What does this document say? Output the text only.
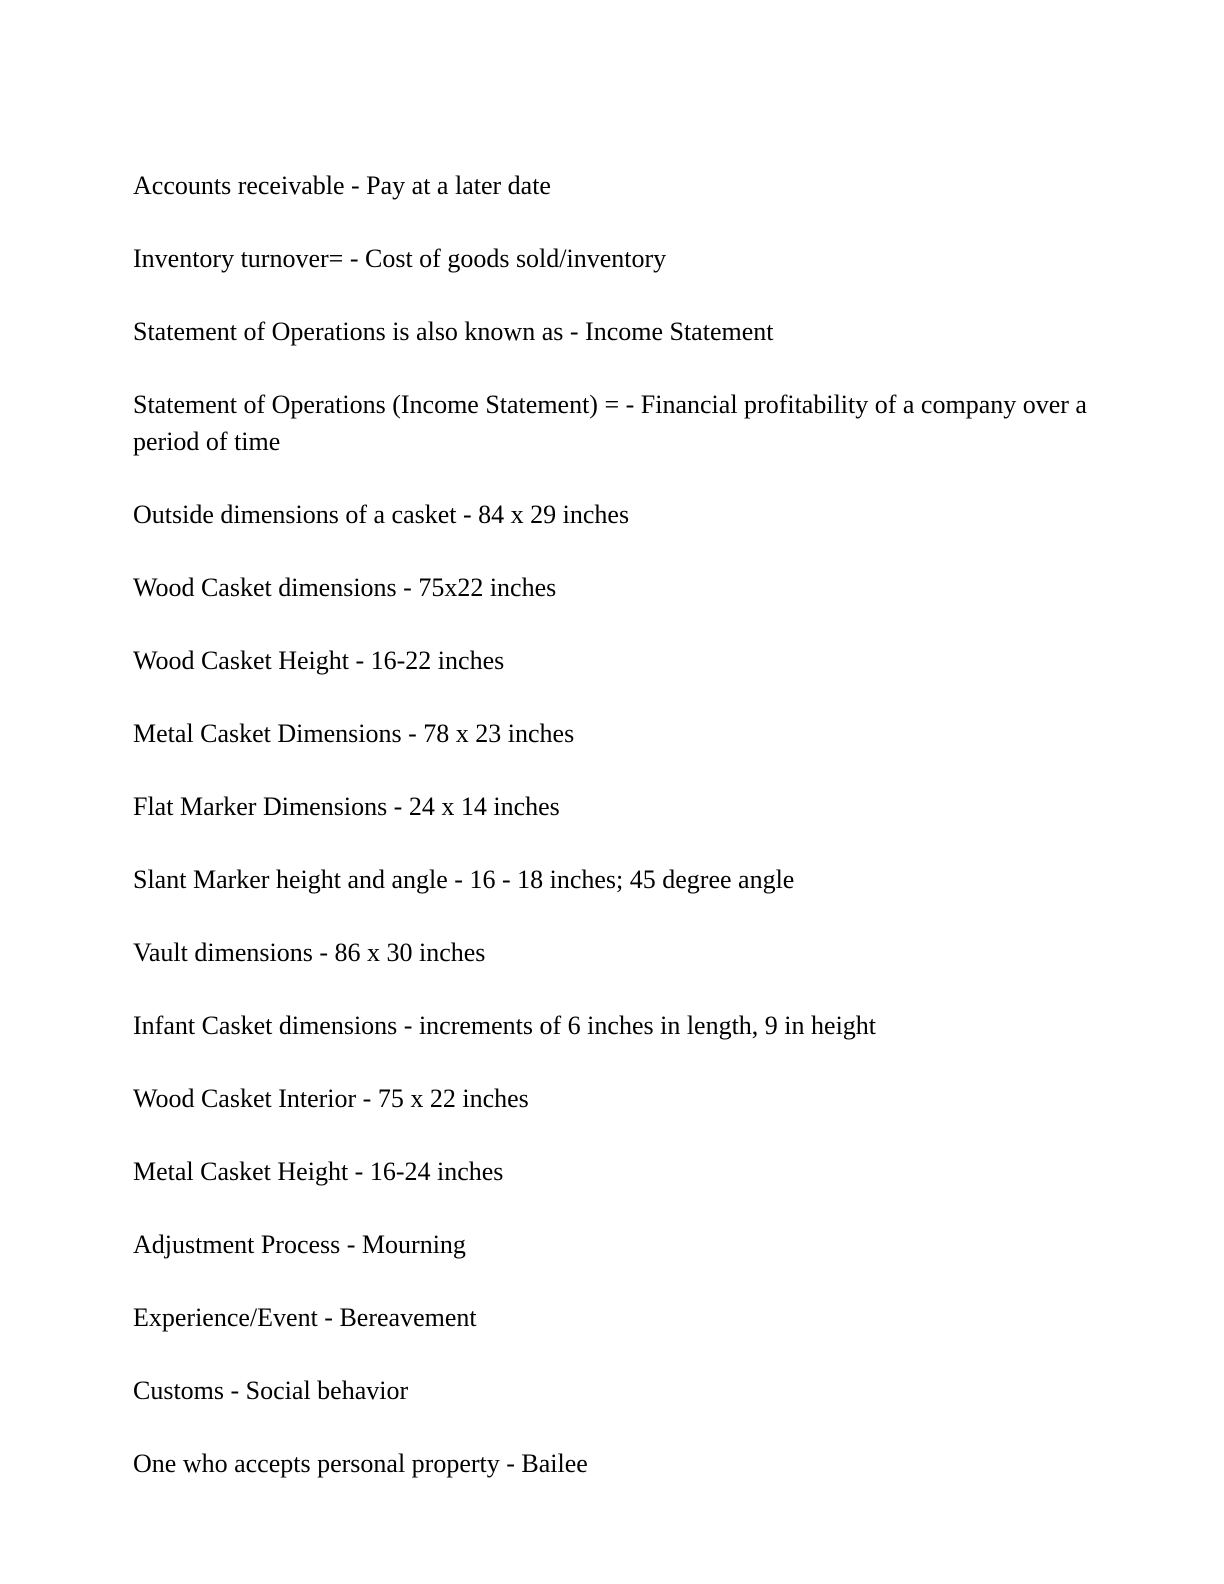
Accounts receivable - Pay at a later date
Inventory turnover= - Cost of goods sold/inventory
Statement of Operations is also known as - Income Statement
Statement of Operations (Income Statement) = - Financial profitability of a company over a period of time
Outside dimensions of a casket - 84 x 29 inches
Wood Casket dimensions - 75x22 inches
Wood Casket Height - 16-22 inches
Metal Casket Dimensions - 78 x 23 inches
Flat Marker Dimensions - 24 x 14 inches
Slant Marker height and angle - 16 - 18 inches; 45 degree angle
Vault dimensions - 86 x 30 inches
Infant Casket dimensions - increments of 6 inches in length, 9 in height
Wood Casket Interior - 75 x 22 inches
Metal Casket Height - 16-24 inches
Adjustment Process - Mourning
Experience/Event - Bereavement
Customs - Social behavior
One who accepts personal property - Bailee
